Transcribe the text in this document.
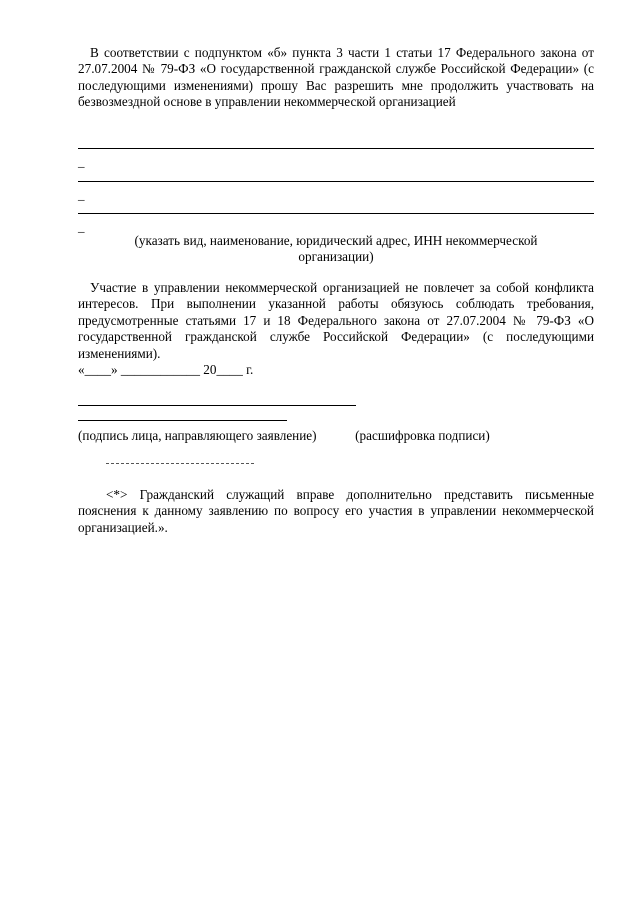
В соответствии с подпунктом «б» пункта 3 части 1 статьи 17 Федерального закона от 27.07.2004 № 79-ФЗ «О государственной гражданской службе Российской Федерации» (с последующими изменениями) прошу Вас разрешить мне продолжить участвовать на безвозмездной основе в управлении некоммерческой организацией
_
_
_
(указать вид, наименование, юридический адрес, ИНН некоммерческой
организации)
Участие в управлении некоммерческой организацией не повлечет за собой конфликта интересов. При выполнении указанной работы обязуюсь соблюдать требования, предусмотренные статьями 17 и 18 Федерального закона от 27.07.2004 № 79-ФЗ «О государственной гражданской службе Российской Федерации» (с последующими изменениями).
«____» ____________ 20____ г.
(подпись лица, направляющего заявление)	(расшифровка подписи)
<*> Гражданский служащий вправе дополнительно представить письменные пояснения к данному заявлению по вопросу его участия в управлении некоммерческой организацией.».
